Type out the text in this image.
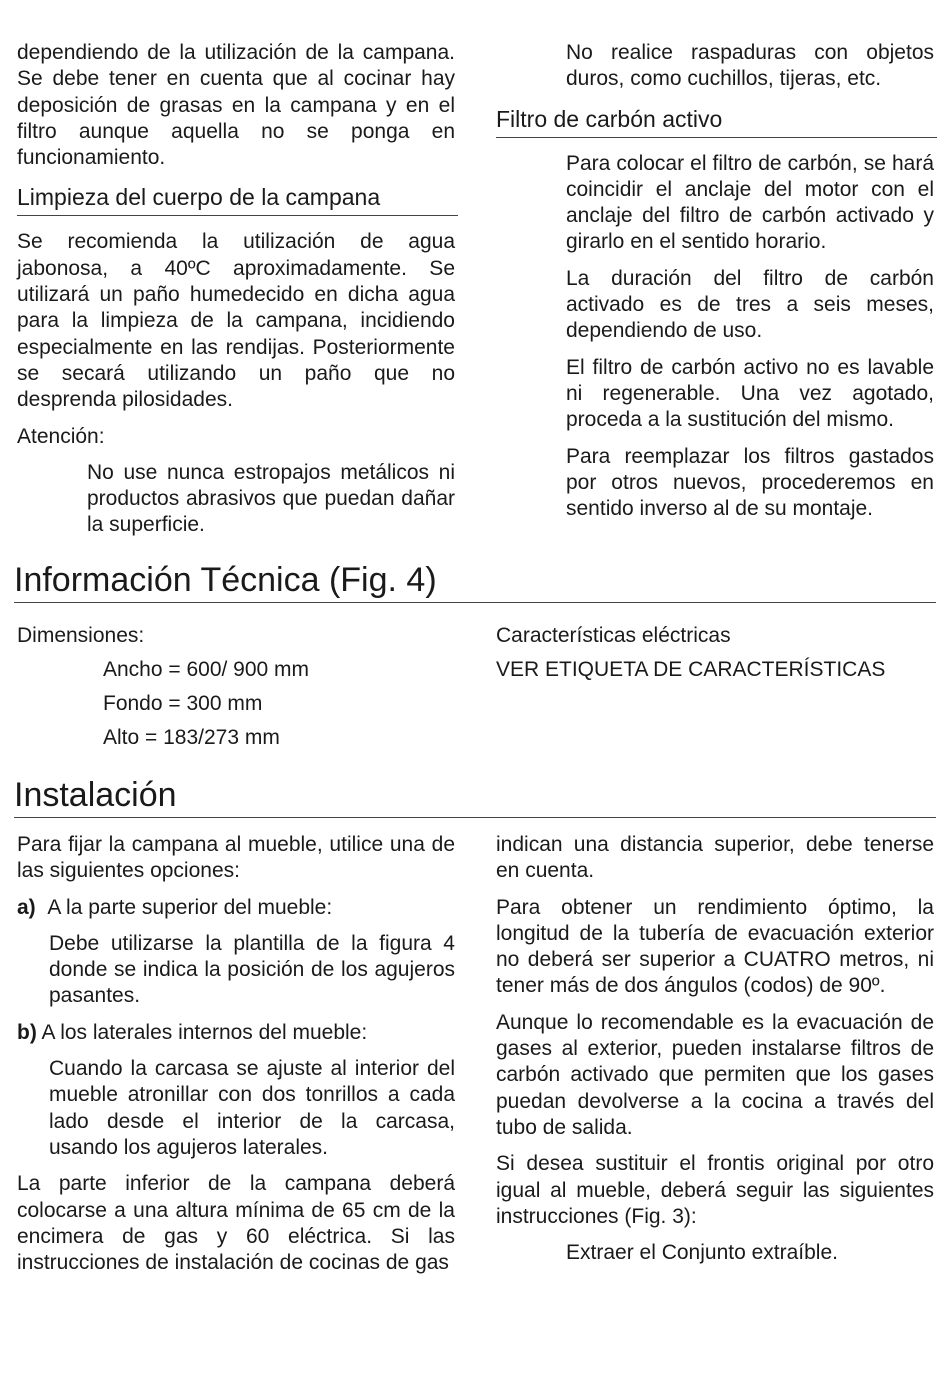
dependiendo de la utilización de la campana. Se debe tener en cuenta que al cocinar hay deposición de grasas en la campana y en el filtro aunque aquella no se ponga en funcionamiento.

Limpieza del cuerpo de la campana

Se recomienda la utilización de agua jabonosa, a 40ºC aproximadamente. Se utilizará un paño humedecido en dicha agua para la limpieza de la campana, incidiendo especialmente en las rendijas. Posteriormente se secará utilizando un paño que no desprenda pilosidades.

Atención:

No use nunca estropajos metálicos ni productos abrasivos que puedan dañar la superficie.

No realice raspaduras con objetos duros, como cuchillos, tijeras, etc.

Filtro de carbón activo

Para colocar el filtro de carbón, se hará coincidir el anclaje del motor con el anclaje del filtro de carbón activado y girarlo en el sentido horario.

La duración del filtro de carbón activado es de tres a seis meses, dependiendo de uso.

El filtro de carbón activo no es lavable ni regenerable. Una vez agotado, proceda a la sustitución del mismo.

Para reemplazar los filtros gastados por otros nuevos, procederemos en sentido inverso al de su montaje.

Información Técnica (Fig. 4)
Dimensiones:
Ancho = 600/ 900 mm
Fondo = 300 mm
Alto = 183/273 mm
Características eléctricas
VER ETIQUETA DE CARACTERÍSTICAS
Instalación

Para fijar la campana al mueble, utilice una de las siguientes opciones:

a) A la parte superior del mueble:

Debe utilizarse la plantilla de la figura 4 donde se indica la posición de los agujeros pasantes.

b) A los laterales internos del mueble:

Cuando la carcasa se ajuste al interior del mueble atronillar con dos tonrillos a cada lado desde el interior de la carcasa, usando los agujeros laterales.

La parte inferior de la campana deberá colocarse a una altura mínima de 65 cm de la encimera de gas y 60 eléctrica. Si las instrucciones de instalación de cocinas de gas

indican una distancia superior, debe tenerse en cuenta.

Para obtener un rendimiento óptimo, la longitud de la tubería de evacuación exterior no deberá ser superior a CUATRO metros, ni tener más de dos ángulos (codos) de 90º.

Aunque lo recomendable es la evacuación de gases al exterior, pueden instalarse filtros de carbón activado que permiten que los gases puedan devolverse a la cocina a través del tubo de salida.

Si desea sustituir el frontis original por otro igual al mueble, deberá seguir las siguientes instrucciones (Fig. 3):

Extraer el Conjunto extraíble.
